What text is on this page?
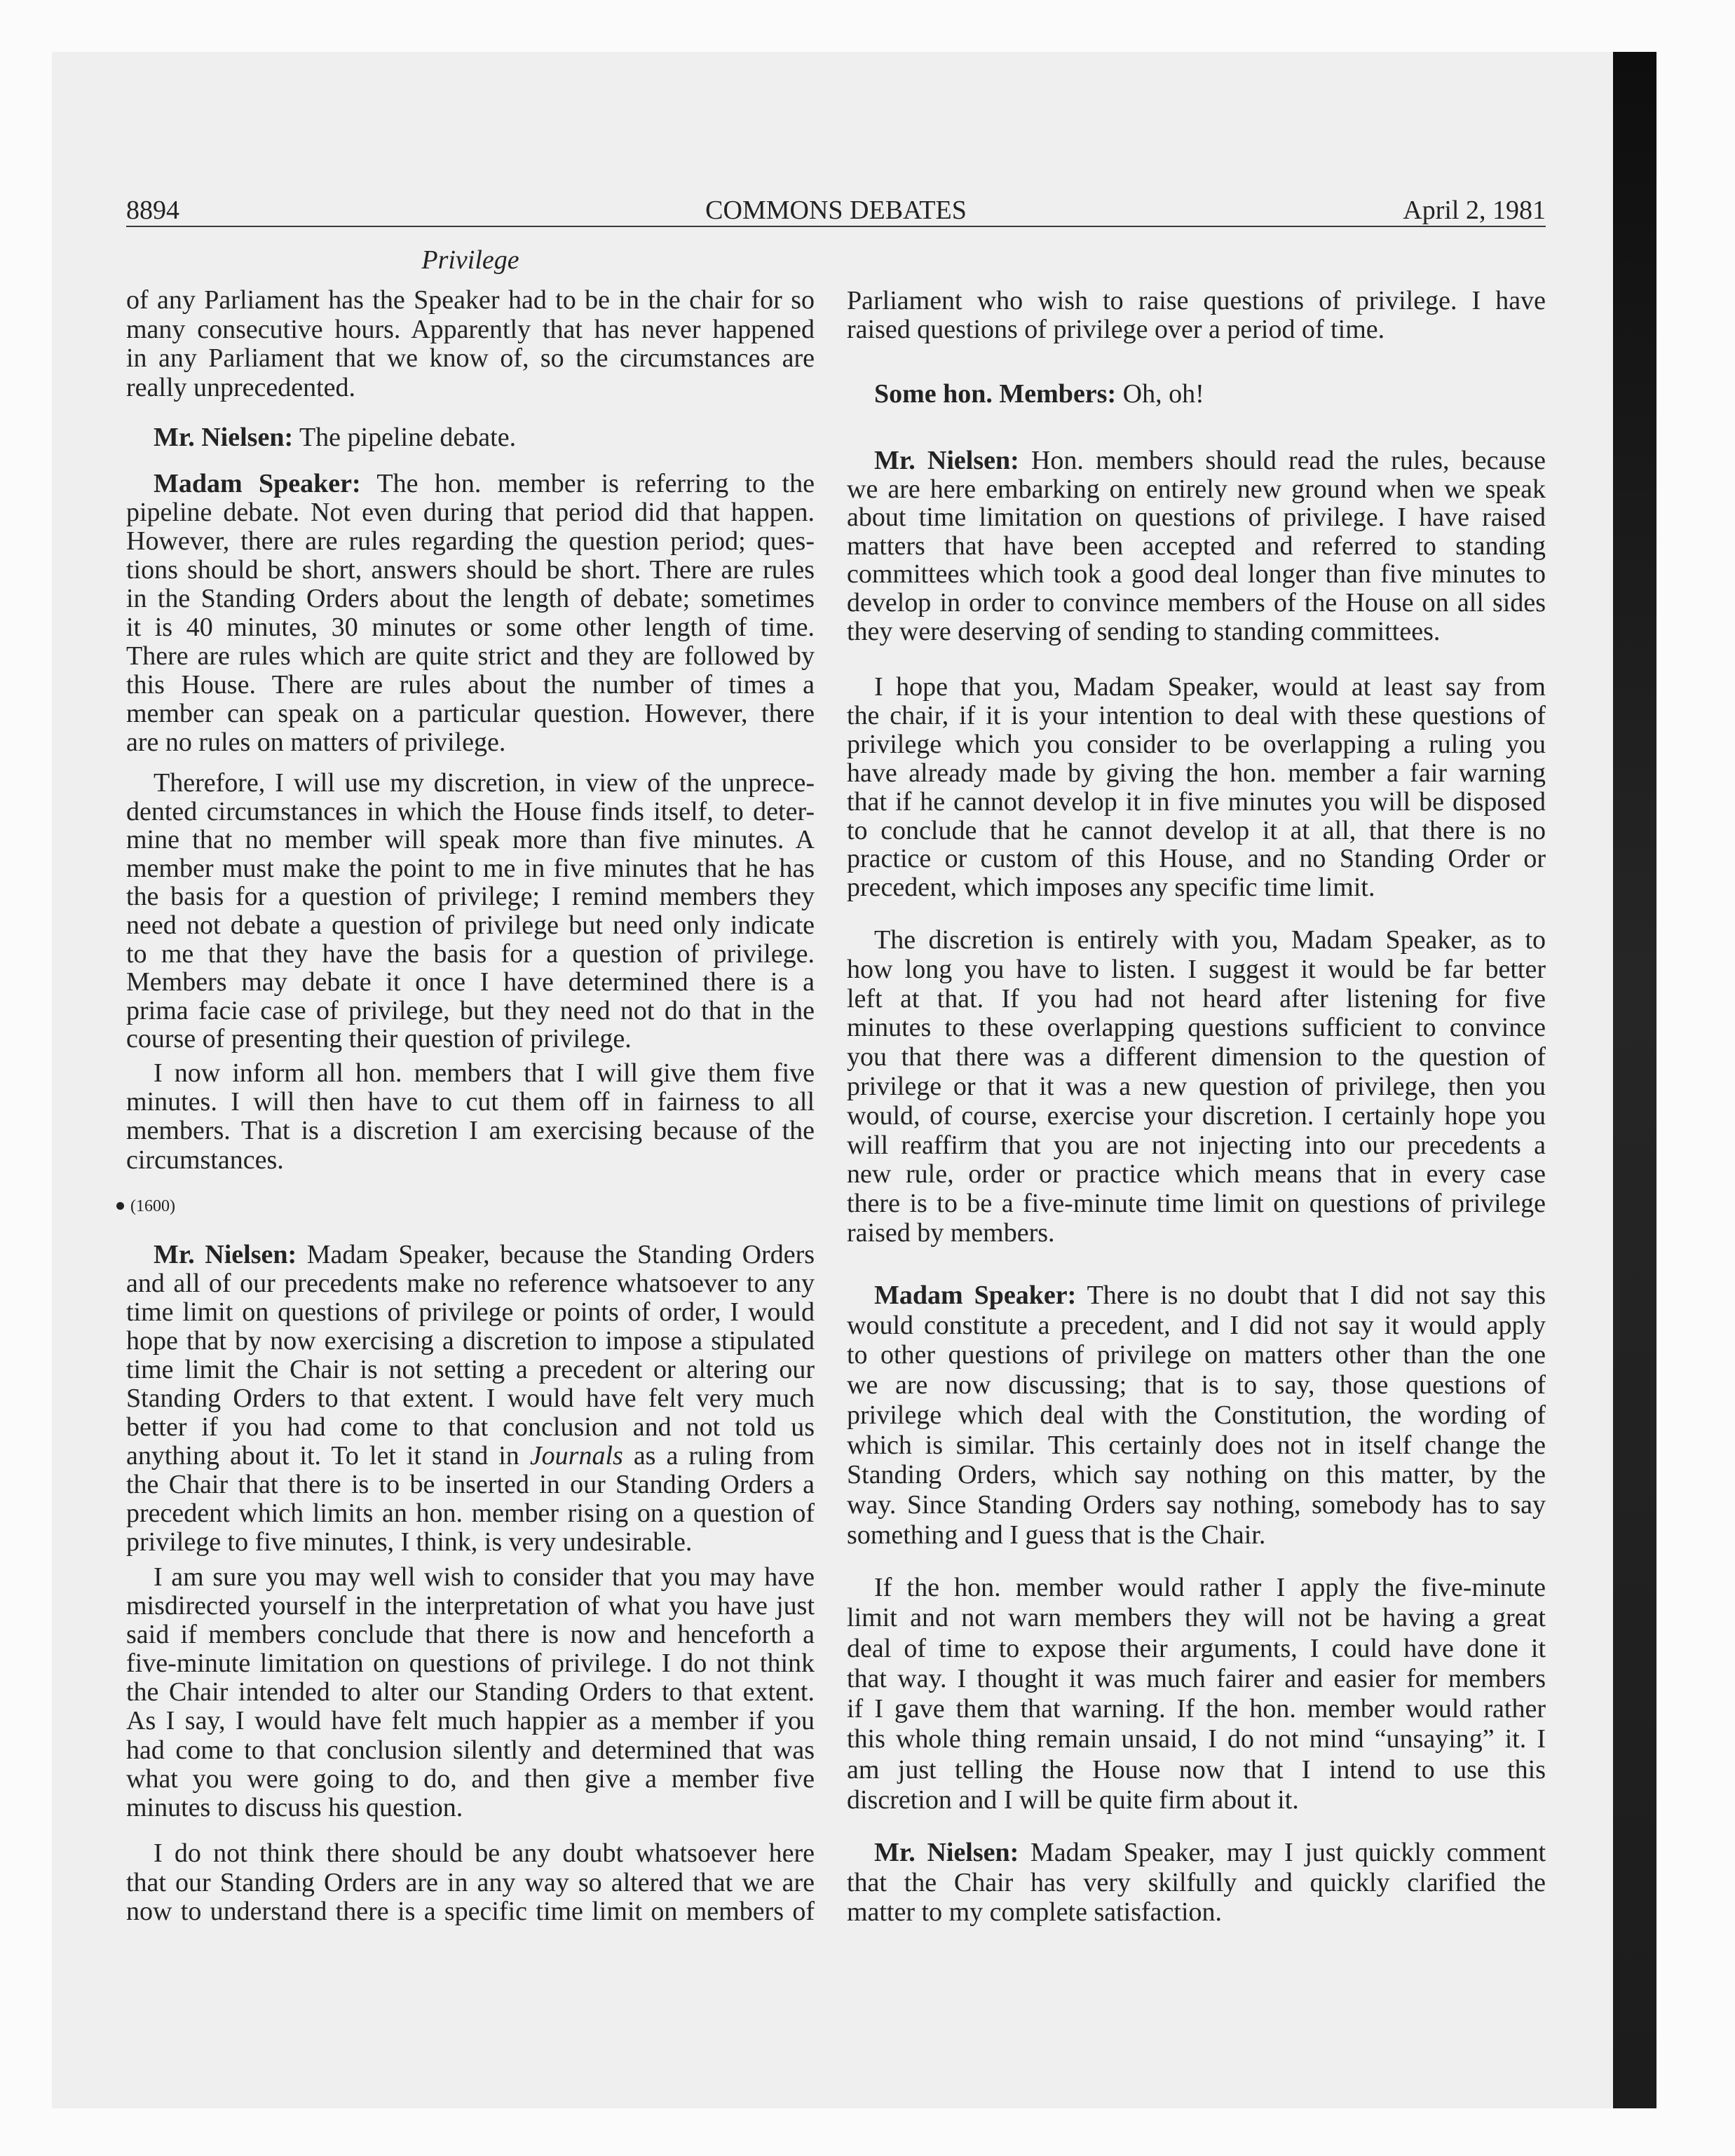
8894	COMMONS DEBATES	April 2, 1981
Privilege
of any Parliament has the Speaker had to be in the chair for so
many consecutive hours. Apparently that has never happened
in any Parliament that we know of, so the circumstances are
really unprecedented.
Mr. Nielsen: The pipeline debate.
Madam Speaker: The hon. member is referring to the
pipeline debate. Not even during that period did that happen.
However, there are rules regarding the question period; ques-
tions should be short, answers should be short. There are rules
in the Standing Orders about the length of debate; sometimes
it is 40 minutes, 30 minutes or some other length of time.
There are rules which are quite strict and they are followed by
this House. There are rules about the number of times a
member can speak on a particular question. However, there
are no rules on matters of privilege.
Therefore, I will use my discretion, in view of the unprece-
dented circumstances in which the House finds itself, to deter-
mine that no member will speak more than five minutes. A
member must make the point to me in five minutes that he has
the basis for a question of privilege; I remind members they
need not debate a question of privilege but need only indicate
to me that they have the basis for a question of privilege.
Members may debate it once I have determined there is a
prima facie case of privilege, but they need not do that in the
course of presenting their question of privilege.
I now inform all hon. members that I will give them five
minutes. I will then have to cut them off in fairness to all
members. That is a discretion I am exercising because of the
circumstances.
(1600)
Mr. Nielsen: Madam Speaker, because the Standing Orders
and all of our precedents make no reference whatsoever to any
time limit on questions of privilege or points of order, I would
hope that by now exercising a discretion to impose a stipulated
time limit the Chair is not setting a precedent or altering our
Standing Orders to that extent. I would have felt very much
better if you had come to that conclusion and not told us
anything about it. To let it stand in Journals as a ruling from
the Chair that there is to be inserted in our Standing Orders a
precedent which limits an hon. member rising on a question of
privilege to five minutes, I think, is very undesirable.
I am sure you may well wish to consider that you may have
misdirected yourself in the interpretation of what you have just
said if members conclude that there is now and henceforth a
five-minute limitation on questions of privilege. I do not think
the Chair intended to alter our Standing Orders to that extent.
As I say, I would have felt much happier as a member if you
had come to that conclusion silently and determined that was
what you were going to do, and then give a member five
minutes to discuss his question.
I do not think there should be any doubt whatsoever here
that our Standing Orders are in any way so altered that we are
now to understand there is a specific time limit on members of
Parliament who wish to raise questions of privilege. I have
raised questions of privilege over a period of time.
Some hon. Members: Oh, oh!
Mr. Nielsen: Hon. members should read the rules, because
we are here embarking on entirely new ground when we speak
about time limitation on questions of privilege. I have raised
matters that have been accepted and referred to standing
committees which took a good deal longer than five minutes to
develop in order to convince members of the House on all sides
they were deserving of sending to standing committees.
I hope that you, Madam Speaker, would at least say from
the chair, if it is your intention to deal with these questions of
privilege which you consider to be overlapping a ruling you
have already made by giving the hon. member a fair warning
that if he cannot develop it in five minutes you will be disposed
to conclude that he cannot develop it at all, that there is no
practice or custom of this House, and no Standing Order or
precedent, which imposes any specific time limit.
The discretion is entirely with you, Madam Speaker, as to
how long you have to listen. I suggest it would be far better
left at that. If you had not heard after listening for five
minutes to these overlapping questions sufficient to convince
you that there was a different dimension to the question of
privilege or that it was a new question of privilege, then you
would, of course, exercise your discretion. I certainly hope you
will reaffirm that you are not injecting into our precedents a
new rule, order or practice which means that in every case
there is to be a five-minute time limit on questions of privilege
raised by members.
Madam Speaker: There is no doubt that I did not say this
would constitute a precedent, and I did not say it would apply
to other questions of privilege on matters other than the one
we are now discussing; that is to say, those questions of
privilege which deal with the Constitution, the wording of
which is similar. This certainly does not in itself change the
Standing Orders, which say nothing on this matter, by the
way. Since Standing Orders say nothing, somebody has to say
something and I guess that is the Chair.
If the hon. member would rather I apply the five-minute
limit and not warn members they will not be having a great
deal of time to expose their arguments, I could have done it
that way. I thought it was much fairer and easier for members
if I gave them that warning. If the hon. member would rather
this whole thing remain unsaid, I do not mind “unsaying” it. I
am just telling the House now that I intend to use this
discretion and I will be quite firm about it.
Mr. Nielsen: Madam Speaker, may I just quickly comment
that the Chair has very skilfully and quickly clarified the
matter to my complete satisfaction.
